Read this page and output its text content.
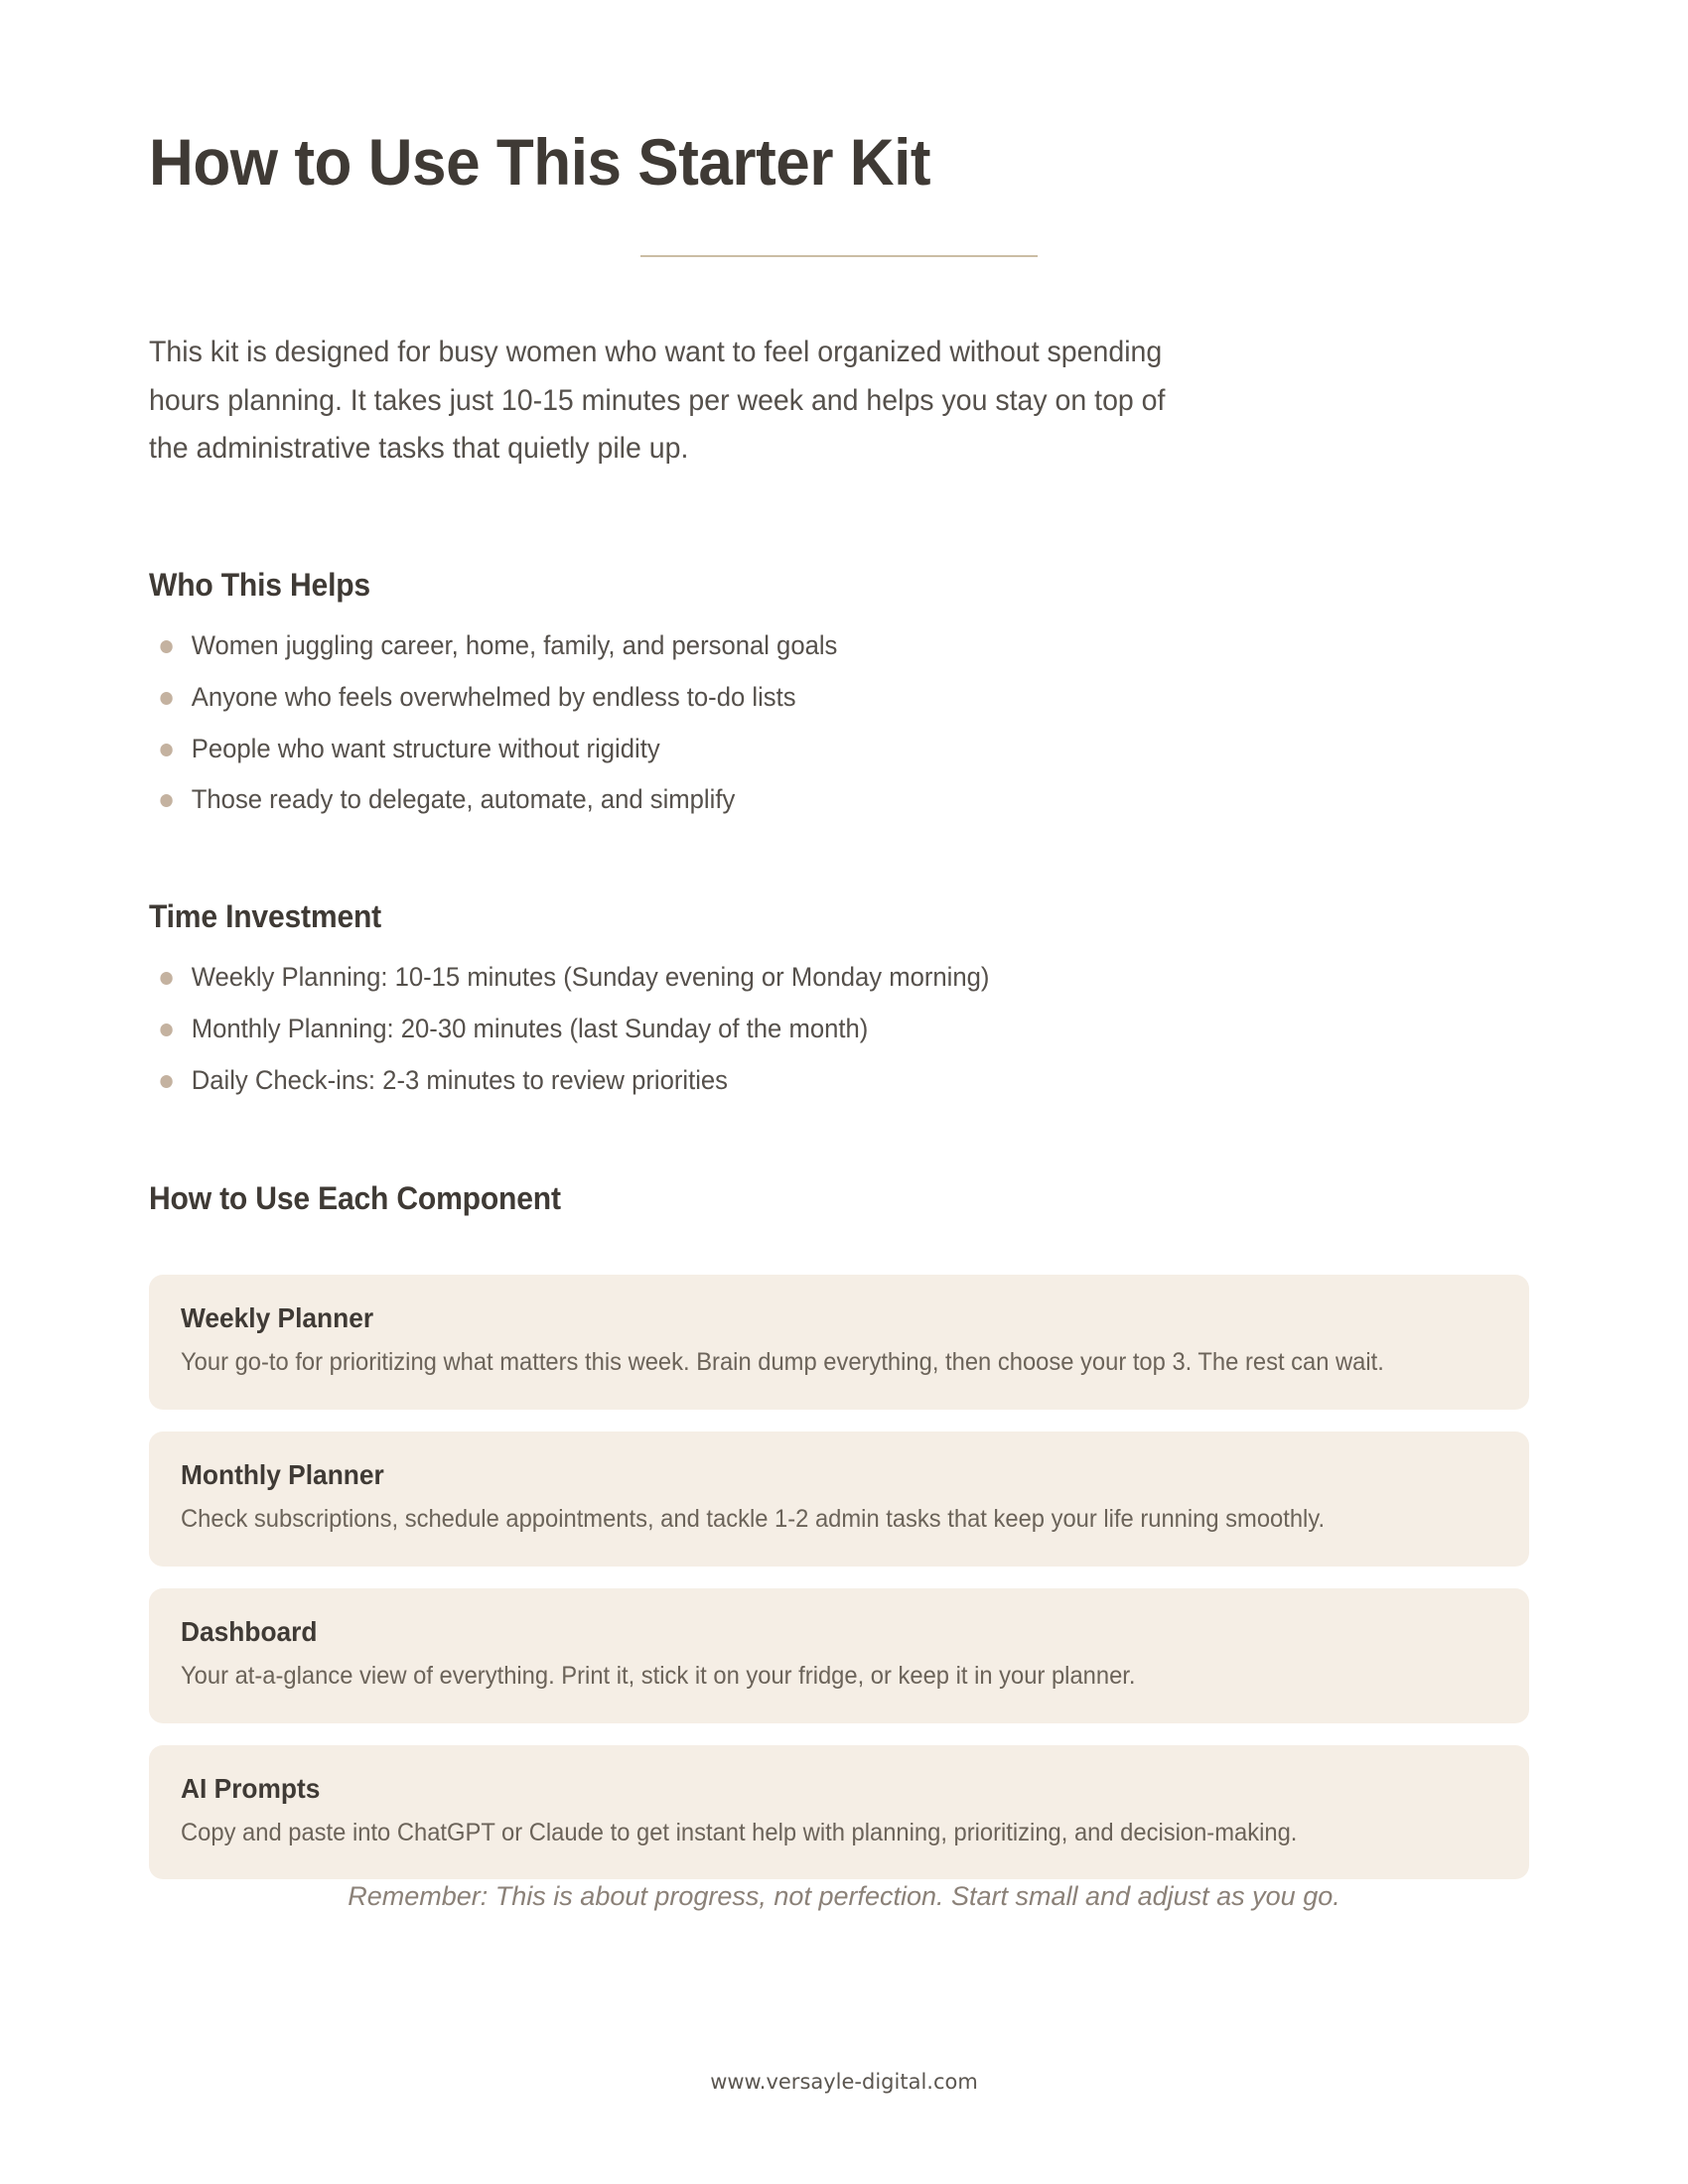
How to Use This Starter Kit

This kit is designed for busy women who want to feel organized without spending hours planning. It takes just 10-15 minutes per week and helps you stay on top of the administrative tasks that quietly pile up.

Who This Helps
Women juggling career, home, family, and personal goals
Anyone who feels overwhelmed by endless to-do lists
People who want structure without rigidity
Those ready to delegate, automate, and simplify
Time Investment
Weekly Planning: 10-15 minutes (Sunday evening or Monday morning)
Monthly Planning: 20-30 minutes (last Sunday of the month)
Daily Check-ins: 2-3 minutes to review priorities
How to Use Each Component
Weekly Planner

Your go-to for prioritizing what matters this week. Brain dump everything, then choose your top 3. The rest can wait.

Monthly Planner

Check subscriptions, schedule appointments, and tackle 1-2 admin tasks that keep your life running smoothly.

Dashboard

Your at-a-glance view of everything. Print it, stick it on your fridge, or keep it in your planner.

AI Prompts

Copy and paste into ChatGPT or Claude to get instant help with planning, prioritizing, and decision-making.

Remember: This is about progress, not perfection. Start small and adjust as you go.
www.versayle-digital.com
